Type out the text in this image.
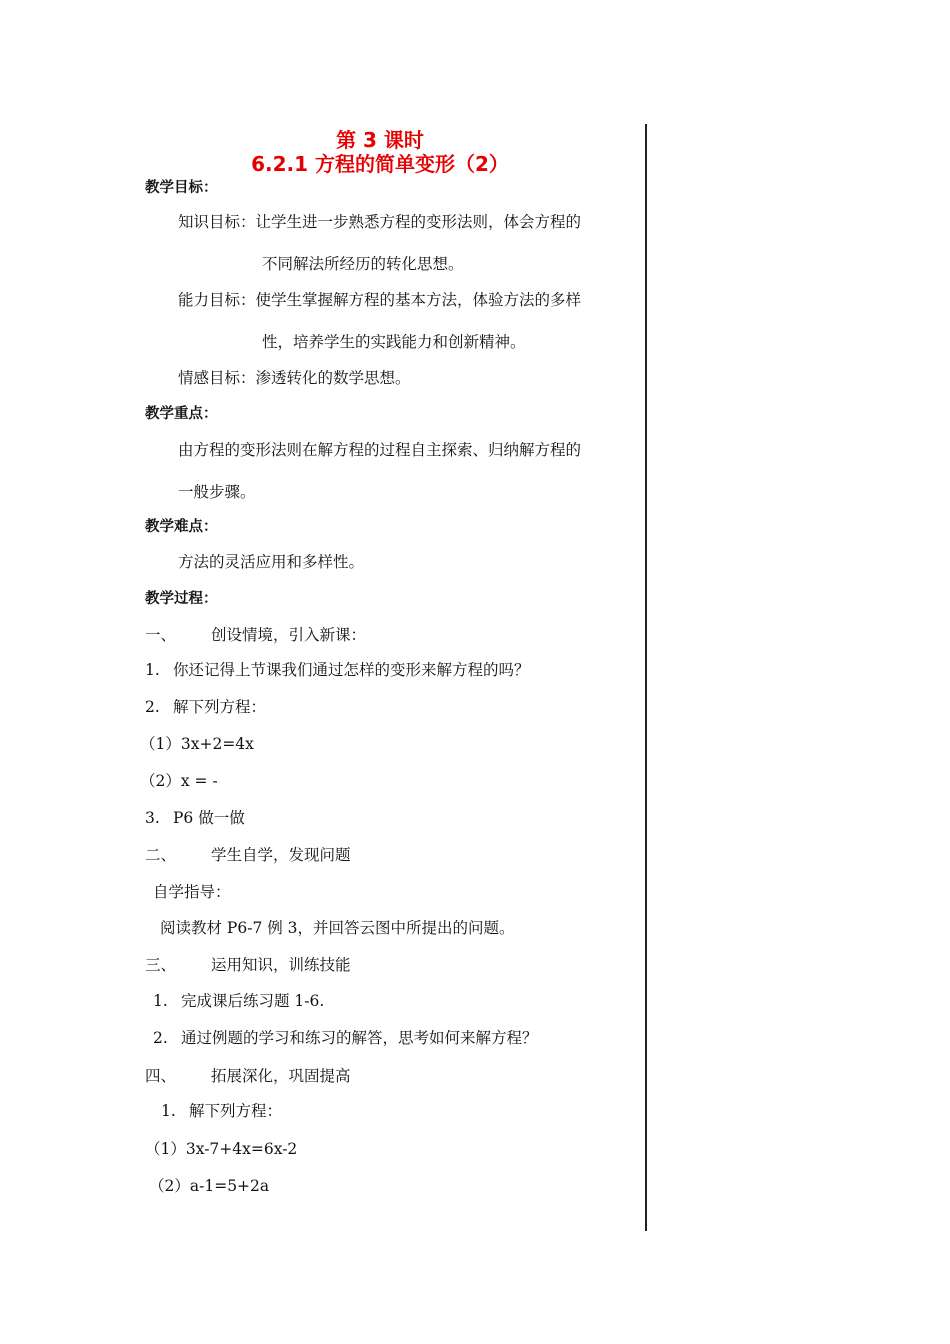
第 3 课时
6.2.1 方程的简单变形（2）
教学目标：
知识目标：让学生进一步熟悉方程的变形法则，体会方程的
不同解法所经历的转化思想。
能力目标：使学生掌握解方程的基本方法，体验方法的多样
性，培养学生的实践能力和创新精神。
情感目标：渗透转化的数学思想。
教学重点：
由方程的变形法则在解方程的过程自主探索、归纳解方程的
一般步骤。
教学难点：
方法的灵活应用和多样性。
教学过程：
一、 创设情境，引入新课：
1. 你还记得上节课我们通过怎样的变形来解方程的吗？
2. 解下列方程：
（1）3x+2=4x
（2）x = -
3. P6 做一做
二、 学生自学，发现问题
自学指导：
阅读教材 P6-7 例 3，并回答云图中所提出的问题。
三、 运用知识，训练技能
1. 完成课后练习题 1-6.
2. 通过例题的学习和练习的解答，思考如何来解方程？
四、 拓展深化，巩固提高
1. 解下列方程：
（1）3x-7+4x=6x-2
（2）a-1=5+2a
